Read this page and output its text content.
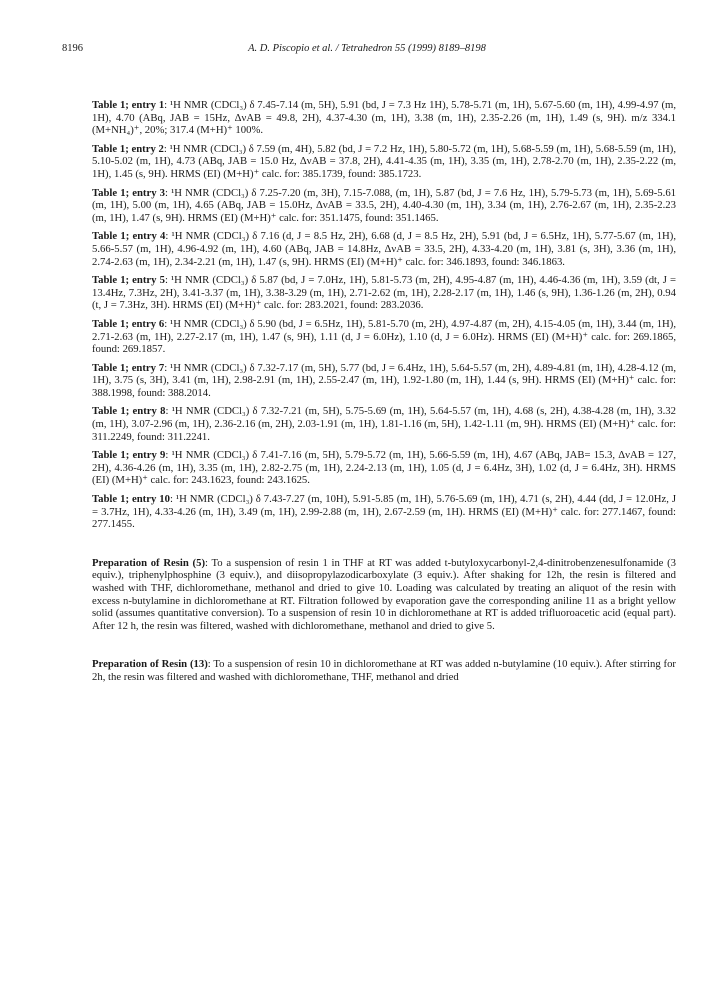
8196	A. D. Piscopio et al. / Tetrahedron 55 (1999) 8189–8198

Table 1; entry 1: ¹H NMR (CDCl₃) δ 7.45-7.14 (m, 5H), 5.91 (bd, J = 7.3 Hz 1H), 5.78-5.71 (m, 1H), 5.67-5.60 (m, 1H), 4.99-4.97 (m, 1H), 4.70 (ABq, JAB = 15Hz, ΔνAB = 49.8, 2H), 4.37-4.30 (m, 1H), 3.38 (m, 1H), 2.35-2.26 (m, 1H), 1.49 (s, 9H). m/z 334.1 (M+NH₄)⁺, 20%; 317.4 (M+H)⁺ 100%.

Table 1; entry 2: ¹H NMR (CDCl₃) δ 7.59 (m, 4H), 5.82 (bd, J = 7.2 Hz, 1H), 5.80-5.72 (m, 1H), 5.68-5.59 (m, 1H), 5.68-5.59 (m, 1H), 5.10-5.02 (m, 1H), 4.73 (ABq, JAB = 15.0 Hz, ΔνAB = 37.8, 2H), 4.41-4.35 (m, 1H), 3.35 (m, 1H), 2.78-2.70 (m, 1H), 2.35-2.22 (m, 1H), 1.45 (s, 9H). HRMS (EI) (M+H)⁺ calc. for: 385.1739, found: 385.1723.

Table 1; entry 3: ¹H NMR (CDCl₃) δ 7.25-7.20 (m, 3H), 7.15-7.088, (m, 1H), 5.87 (bd, J = 7.6 Hz, 1H), 5.79-5.73 (m, 1H), 5.69-5.61 (m, 1H), 5.00 (m, 1H), 4.65 (ABq, JAB = 15.0Hz, ΔνAB = 33.5, 2H), 4.40-4.30 (m, 1H), 3.34 (m, 1H), 2.76-2.67 (m, 1H), 2.35-2.23 (m, 1H), 1.47 (s, 9H). HRMS (EI) (M+H)⁺ calc. for: 351.1475, found: 351.1465.

Table 1; entry 4: ¹H NMR (CDCl₃) δ 7.16 (d, J = 8.5 Hz, 2H), 6.68 (d, J = 8.5 Hz, 2H), 5.91 (bd, J = 6.5Hz, 1H), 5.77-5.67 (m, 1H), 5.66-5.57 (m, 1H), 4.96-4.92 (m, 1H), 4.60 (ABq, JAB = 14.8Hz, ΔνAB = 33.5, 2H), 4.33-4.20 (m, 1H), 3.81 (s, 3H), 3.36 (m, 1H), 2.74-2.63 (m, 1H), 2.34-2.21 (m, 1H), 1.47 (s, 9H). HRMS (EI) (M+H)⁺ calc. for: 346.1893, found: 346.1863.

Table 1; entry 5: ¹H NMR (CDCl₃) δ 5.87 (bd, J = 7.0Hz, 1H), 5.81-5.73 (m, 2H), 4.95-4.87 (m, 1H), 4.46-4.36 (m, 1H), 3.59 (dt, J = 13.4Hz, 7.3Hz, 2H), 3.41-3.37 (m, 1H), 3.38-3.29 (m, 1H), 2.71-2.62 (m, 1H), 2.28-2.17 (m, 1H), 1.46 (s, 9H), 1.36-1.26 (m, 2H), 0.94 (t, J = 7.3Hz, 3H). HRMS (EI) (M+H)⁺ calc. for: 283.2021, found: 283.2036.

Table 1; entry 6: ¹H NMR (CDCl₃) δ 5.90 (bd, J = 6.5Hz, 1H), 5.81-5.70 (m, 2H), 4.97-4.87 (m, 2H), 4.15-4.05 (m, 1H), 3.44 (m, 1H), 2.71-2.63 (m, 1H), 2.27-2.17 (m, 1H), 1.47 (s, 9H), 1.11 (d, J = 6.0Hz), 1.10 (d, J = 6.0Hz). HRMS (EI) (M+H)⁺ calc. for: 269.1865, found: 269.1857.

Table 1; entry 7: ¹H NMR (CDCl₃) δ 7.32-7.17 (m, 5H), 5.77 (bd, J = 6.4Hz, 1H), 5.64-5.57 (m, 2H), 4.89-4.81 (m, 1H), 4.28-4.12 (m, 1H), 3.75 (s, 3H), 3.41 (m, 1H), 2.98-2.91 (m, 1H), 2.55-2.47 (m, 1H), 1.92-1.80 (m, 1H), 1.44 (s, 9H). HRMS (EI) (M+H)⁺ calc. for: 388.1998, found: 388.2014.

Table 1; entry 8: ¹H NMR (CDCl₃) δ 7.32-7.21 (m, 5H), 5.75-5.69 (m, 1H), 5.64-5.57 (m, 1H), 4.68 (s, 2H), 4.38-4.28 (m, 1H), 3.32 (m, 1H), 3.07-2.96 (m, 1H), 2.36-2.16 (m, 2H), 2.03-1.91 (m, 1H), 1.81-1.16 (m, 5H), 1.42-1.11 (m, 9H). HRMS (EI) (M+H)⁺ calc. for: 311.2249, found: 311.2241.

Table 1; entry 9: ¹H NMR (CDCl₃) δ 7.41-7.16 (m, 5H), 5.79-5.72 (m, 1H), 5.66-5.59 (m, 1H), 4.67 (ABq, JAB= 15.3, ΔνAB = 127, 2H), 4.36-4.26 (m, 1H), 3.35 (m, 1H), 2.82-2.75 (m, 1H), 2.24-2.13 (m, 1H), 1.05 (d, J = 6.4Hz, 3H), 1.02 (d, J = 6.4Hz, 3H). HRMS (EI) (M+H)⁺ calc. for: 243.1623, found: 243.1625.

Table 1; entry 10: ¹H NMR (CDCl₃) δ 7.43-7.27 (m, 10H), 5.91-5.85 (m, 1H), 5.76-5.69 (m, 1H), 4.71 (s, 2H), 4.44 (dd, J = 12.0Hz, J = 3.7Hz, 1H), 4.33-4.26 (m, 1H), 3.49 (m, 1H), 2.99-2.88 (m, 1H), 2.67-2.59 (m, 1H). HRMS (EI) (M+H)⁺ calc. for: 277.1467, found: 277.1455.

Preparation of Resin (5): To a suspension of resin 1 in THF at RT was added t-butyloxycarbonyl-2,4-dinitrobenzenesulfonamide (3 equiv.), triphenylphosphine (3 equiv.), and diisopropylazodicarboxylate (3 equiv.). After shaking for 12h, the resin is filtered and washed with THF, dichloromethane, methanol and dried to give 10. Loading was calculated by treating an aliquot of the resin with excess n-butylamine in dichloromethane at RT. Filtration followed by evaporation gave the corresponding aniline 11 as a bright yellow solid (assumes quantitative conversion). To a suspension of resin 10 in dichloromethane at RT is added trifluoroacetic acid (equal part). After 12 h, the resin was filtered, washed with dichloromethane, methanol and dried to give 5.

Preparation of Resin (13): To a suspension of resin 10 in dichloromethane at RT was added n-butylamine (10 equiv.). After stirring for 2h, the resin was filtered and washed with dichloromethane, THF, methanol and dried
